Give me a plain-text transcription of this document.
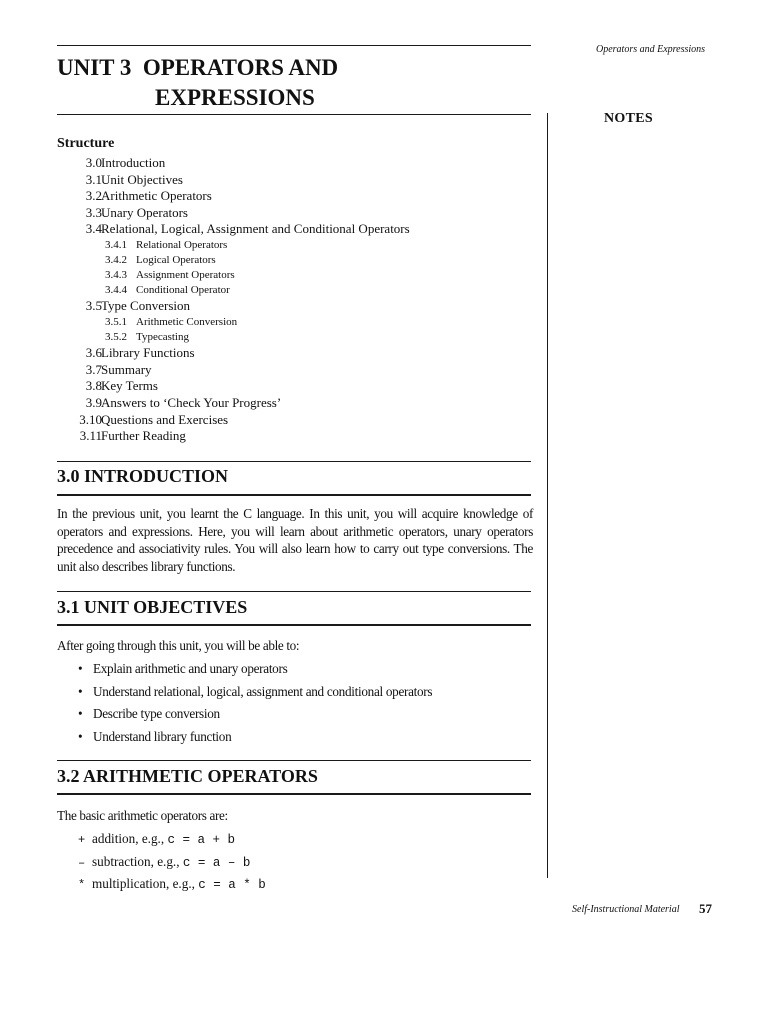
Operators and Expressions
UNIT 3  OPERATORS AND
EXPRESSIONS
NOTES
Structure
3.0 Introduction
3.1 Unit Objectives
3.2 Arithmetic Operators
3.3 Unary Operators
3.4 Relational, Logical, Assignment and Conditional Operators
3.4.1 Relational Operators
3.4.2 Logical Operators
3.4.3 Assignment Operators
3.4.4 Conditional Operator
3.5 Type Conversion
3.5.1 Arithmetic Conversion
3.5.2 Typecasting
3.6 Library Functions
3.7 Summary
3.8 Key Terms
3.9 Answers to ‘Check Your Progress’
3.10 Questions and Exercises
3.11 Further Reading
3.0 INTRODUCTION
In the previous unit, you learnt the C language. In this unit, you will acquire knowledge of operators and expressions. Here, you will learn about arithmetic operators, unary operators precedence and associativity rules. You will also learn how to carry out type conversions. The unit also describes library functions.
3.1 UNIT OBJECTIVES
After going through this unit, you will be able to:
• Explain arithmetic and unary operators
• Understand relational, logical, assignment and conditional operators
• Describe type conversion
• Understand library function
3.2 ARITHMETIC OPERATORS
The basic arithmetic operators are:
+ addition, e.g., c = a + b
– subtraction, e.g., c = a – b
* multiplication, e.g., c = a * b
Self-Instructional Material 57
